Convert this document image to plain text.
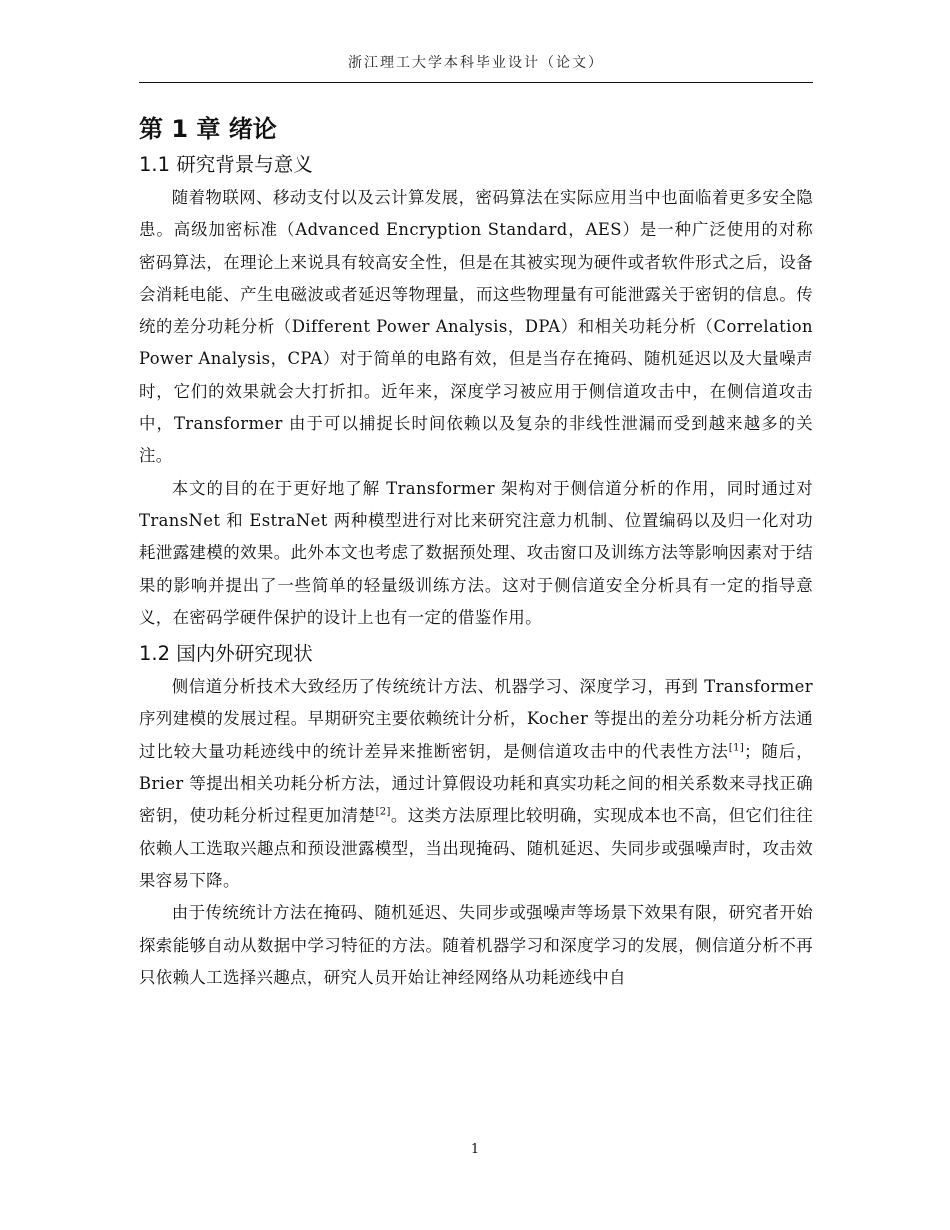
浙江理工大学本科毕业设计（论文）
第 1 章 绪论
1.1 研究背景与意义

随着物联网、移动支付以及云计算发展，密码算法在实际应用当中也面临着更多安全隐患。高级加密标准（Advanced Encryption Standard，AES）是一种广泛使用的对称密码算法，在理论上来说具有较高安全性，但是在其被实现为硬件或者软件形式之后，设备会消耗电能、产生电磁波或者延迟等物理量，而这些物理量有可能泄露关于密钥的信息。传统的差分功耗分析（Different Power Analysis，DPA）和相关功耗分析（Correlation Power Analysis，CPA）对于简单的电路有效，但是当存在掩码、随机延迟以及大量噪声时，它们的效果就会大打折扣。近年来，深度学习被应用于侧信道攻击中，在侧信道攻击中，Transformer 由于可以捕捉长时间依赖以及复杂的非线性泄漏而受到越来越多的关注。

本文的目的在于更好地了解 Transformer 架构对于侧信道分析的作用，同时通过对 TransNet 和 EstraNet 两种模型进行对比来研究注意力机制、位置编码以及归一化对功耗泄露建模的效果。此外本文也考虑了数据预处理、攻击窗口及训练方法等影响因素对于结果的影响并提出了一些简单的轻量级训练方法。这对于侧信道安全分析具有一定的指导意义，在密码学硬件保护的设计上也有一定的借鉴作用。

1.2 国内外研究现状

侧信道分析技术大致经历了传统统计方法、机器学习、深度学习，再到 Transformer 序列建模的发展过程。早期研究主要依赖统计分析，Kocher 等提出的差分功耗分析方法通过比较大量功耗迹线中的统计差异来推断密钥，是侧信道攻击中的代表性方法[1]；随后，Brier 等提出相关功耗分析方法，通过计算假设功耗和真实功耗之间的相关系数来寻找正确密钥，使功耗分析过程更加清楚[2]。这类方法原理比较明确，实现成本也不高，但它们往往依赖人工选取兴趣点和预设泄露模型，当出现掩码、随机延迟、失同步或强噪声时，攻击效果容易下降。

由于传统统计方法在掩码、随机延迟、失同步或强噪声等场景下效果有限，研究者开始探索能够自动从数据中学习特征的方法。随着机器学习和深度学习的发展，侧信道分析不再只依赖人工选择兴趣点，研究人员开始让神经网络从功耗迹线中自

1
